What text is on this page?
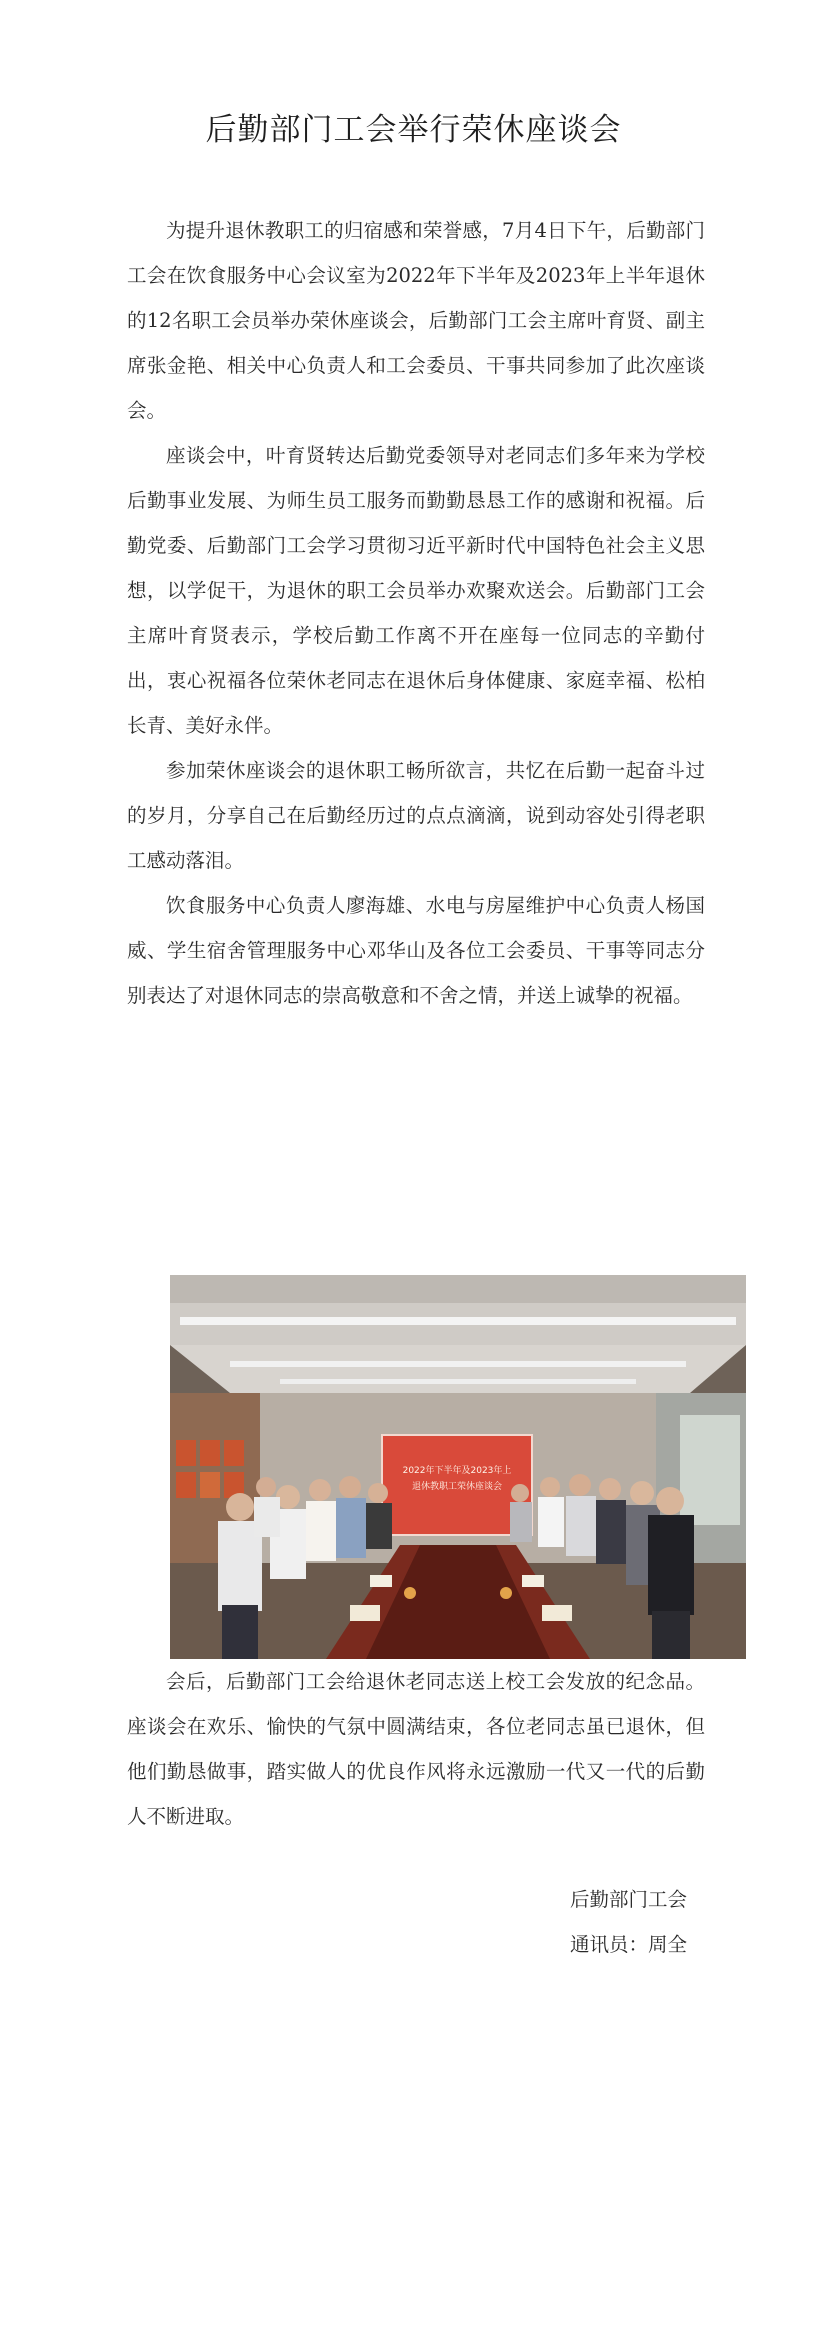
后勤部门工会举行荣休座谈会

为提升退休教职工的归宿感和荣誉感，7月4日下午，后勤部门工会在饮食服务中心会议室为2022年下半年及2023年上半年退休的12名职工会员举办荣休座谈会，后勤部门工会主席叶育贤、副主席张金艳、相关中心负责人和工会委员、干事共同参加了此次座谈会。

座谈会中，叶育贤转达后勤党委领导对老同志们多年来为学校后勤事业发展、为师生员工服务而勤勤恳恳工作的感谢和祝福。后勤党委、后勤部门工会学习贯彻习近平新时代中国特色社会主义思想，以学促干，为退休的职工会员举办欢聚欢送会。后勤部门工会主席叶育贤表示，学校后勤工作离不开在座每一位同志的辛勤付出，衷心祝福各位荣休老同志在退休后身体健康、家庭幸福、松柏长青、美好永伴。

参加荣休座谈会的退休职工畅所欲言，共忆在后勤一起奋斗过的岁月，分享自己在后勤经历过的点点滴滴，说到动容处引得老职工感动落泪。

饮食服务中心负责人廖海雄、水电与房屋维护中心负责人杨国威、学生宿舍管理服务中心邓华山及各位工会委员、干事等同志分别表达了对退休同志的崇高敬意和不舍之情，并送上诚挚的祝福。

2022年下半年及2023年上
退休教职工荣休座谈会

会后，后勤部门工会给退休老同志送上校工会发放的纪念品。座谈会在欢乐、愉快的气氛中圆满结束，各位老同志虽已退休，但他们勤恳做事，踏实做人的优良作风将永远激励一代又一代的后勤人不断进取。

后勤部门工会
通讯员：周全
